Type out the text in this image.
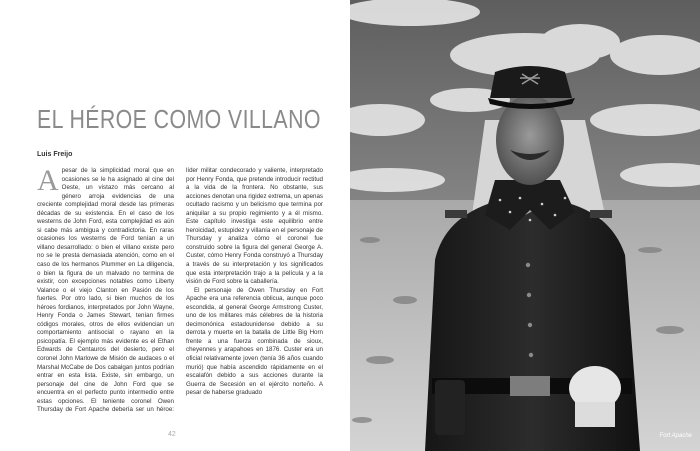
EL HÉROE COMO VILLANO
Luis Freijo

Apesar de la simplicidad moral que en ocasiones se le ha asignado al cine del Oeste, un vistazo más cercano al género arroja evidencias de una creciente complejidad moral desde las primeras décadas de su existencia. En el caso de los westerns de John Ford, esta complejidad es aún si cabe más ambigua y contradictoria. En raras ocasiones los westerns de Ford tenían a un villano desarrollado: o bien el villano existe pero no se le presta demasiada atención, como en el caso de los hermanos Plummer en La diligencia, o bien la figura de un malvado no termina de existir, con excepciones notables como Liberty Valance o el viejo Clanton en Pasión de los fuertes. Por otro lado, si bien muchos de los héroes fordianos, interpretados por John Wayne, Henry Fonda o James Stewart, tenían firmes códigos morales, otros de ellos evidencian un comportamiento antisocial o rayano en la psicopatía. El ejemplo más evidente es el Ethan Edwards de Centauros del desierto, pero el coronel John Marlowe de Misión de audaces o el Marshal McCabe de Dos cabalgan juntos podrían entrar en esta lista. Existe, sin embargo, un personaje del cine de John Ford que se encuentra en el perfecto punto intermedio entre estas opciones. El teniente coronel Owen Thursday de Fort Apache debería ser un héroe: líder militar condecorado y valiente, interpretado por Henry Fonda, que pretende introducir rectitud a la vida de la frontera. No obstante, sus acciones denotan una rigidez extrema, un apenas ocultado racismo y un belicismo que termina por aniquilar a su propio regimiento y a él mismo. Este capítulo investiga este equilibrio entre heroicidad, estupidez y villanía en el personaje de Thursday y analiza cómo el coronel fue construido sobre la figura del general George A. Custer, cómo Henry Fonda construyó a Thursday a través de su interpretación y los significados que esta interpretación trajo a la película y a la visión de Ford sobre la caballería.

El personaje de Owen Thursday en Fort Apache era una referencia oblicua, aunque poco escondida, al general George Armstrong Custer, uno de los militares más célebres de la historia decimonónica estadounidense debido a su derrota y muerte en la batalla de Little Big Horn frente a una fuerza combinada de sioux, cheyennes y arapahoes en 1876. Custer era un oficial relativamente joven (tenía 36 años cuando murió) que había ascendido rápidamente en el escalafón debido a sus acciones durante la Guerra de Secesión en el ejército norteño. A pesar de haberse graduado

42	Fort Apache
